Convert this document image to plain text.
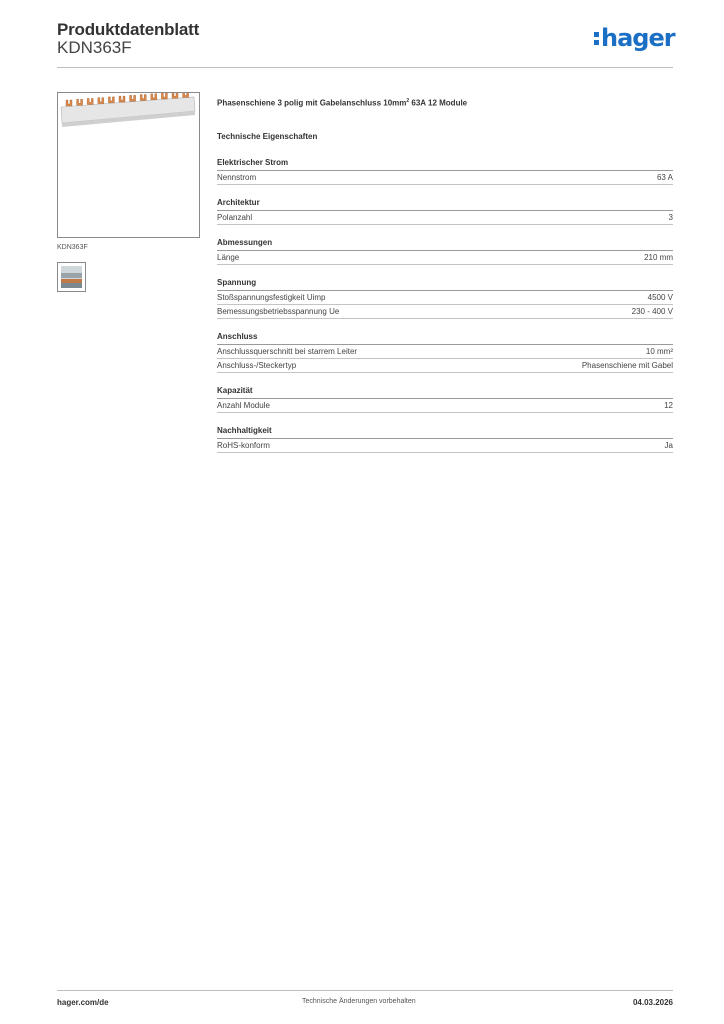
Produktdatenblatt
KDN363F	hager
KDN363F
Phasenschiene 3 polig mit Gabelanschluss $10mm^2$ 63A 12 Module
Technische Eigenschaften
Elektrischer Strom
Nennstrom	63 A
Architektur
Polanzahl	3
Abmessungen
Länge	210 mm
Spannung
Stoßspannungsfestigkeit Uimp	4500 V
Bemessungsbetriebsspannung Ue	230 - 400 V
Anschluss
Anschlussquerschnitt bei starrem Leiter	10 mm²
Anschluss-/Steckertyp	Phasenschiene mit Gabel
Kapazität
Anzahl Module	12
Nachhaltigkeit
RoHS-konform	Ja
hager.com/de	Technische Änderungen vorbehalten	04.03.2026
